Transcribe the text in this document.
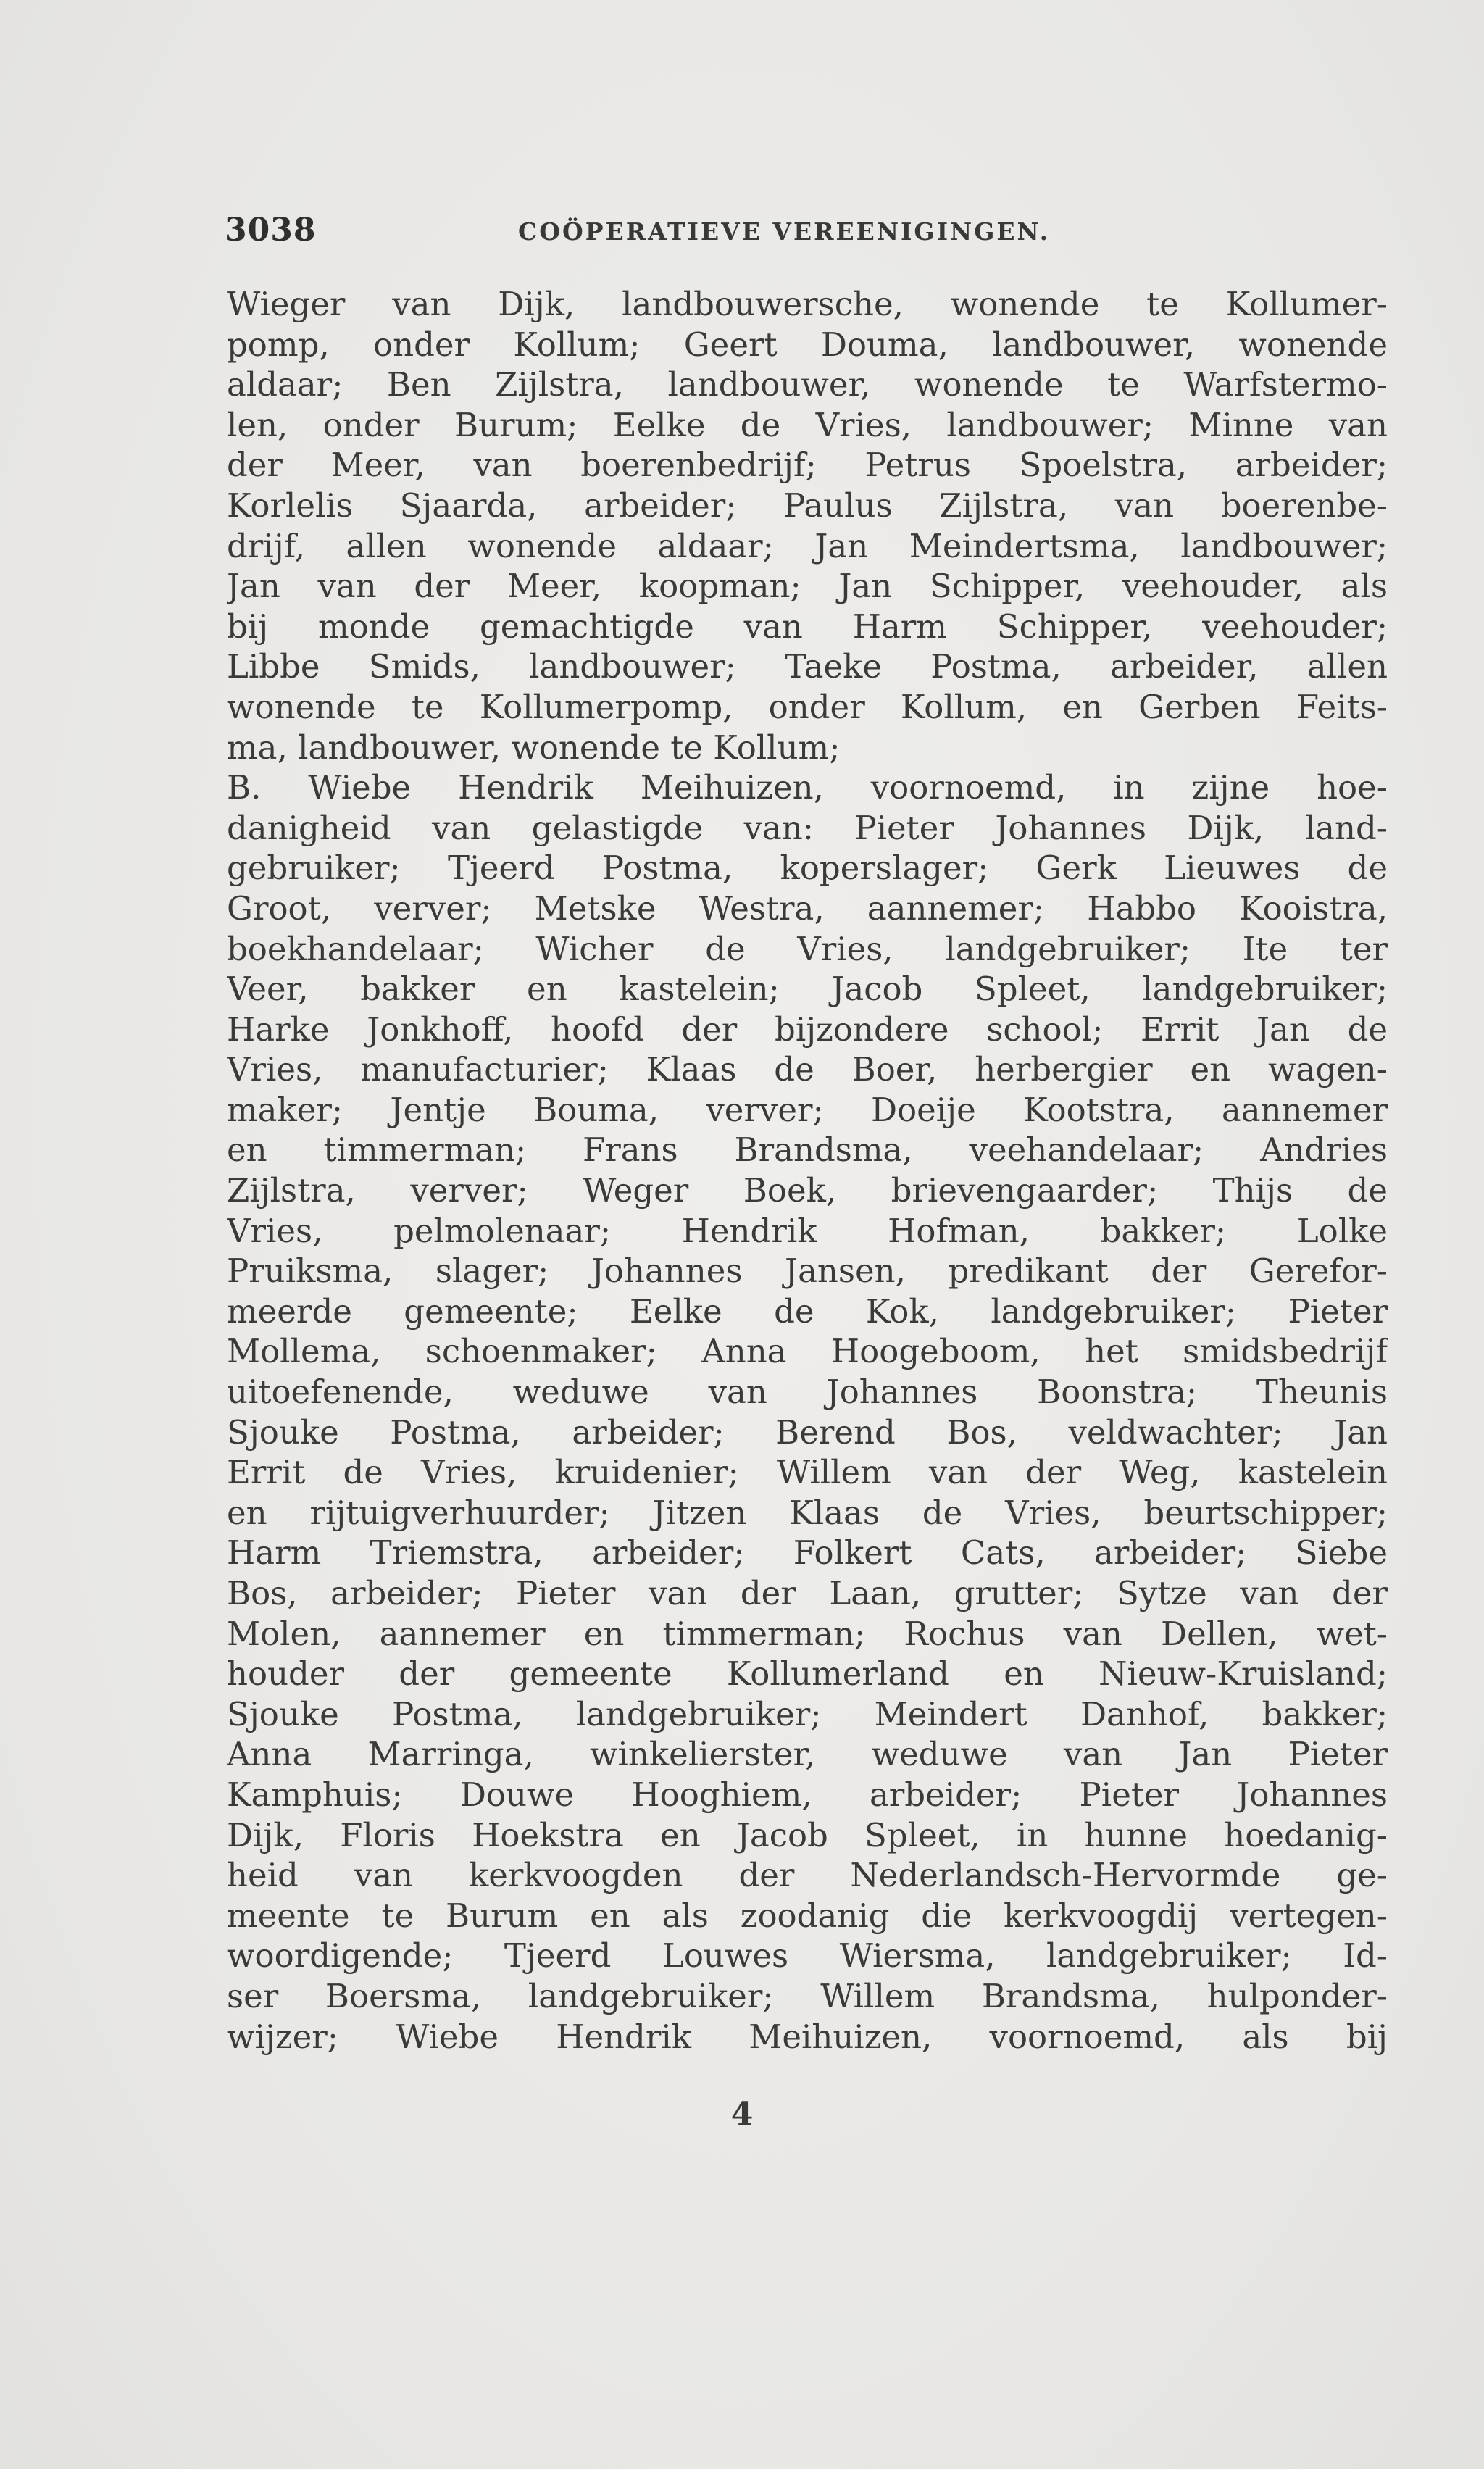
3038	COÖPERATIEVE VEREENIGINGEN.
Wieger van Dijk, landbouwersche, wonende te Kollumer-
pomp, onder Kollum; Geert Douma, landbouwer, wonende
aldaar; Ben Zijlstra, landbouwer, wonende te Warfstermo-
len, onder Burum; Eelke de Vries, landbouwer; Minne van
der Meer, van boerenbedrijf; Petrus Spoelstra, arbeider;
Korlelis Sjaarda, arbeider; Paulus Zijlstra, van boerenbe-
drijf, allen wonende aldaar; Jan Meindertsma, landbouwer;
Jan van der Meer, koopman; Jan Schipper, veehouder, als
bij monde gemachtigde van Harm Schipper, veehouder;
Libbe Smids, landbouwer; Taeke Postma, arbeider, allen
wonende te Kollumerpomp, onder Kollum, en Gerben Feits-
ma, landbouwer, wonende te Kollum;
B. Wiebe Hendrik Meihuizen, voornoemd, in zijne hoe-
danigheid van gelastigde van: Pieter Johannes Dijk, land-
gebruiker; Tjeerd Postma, koperslager; Gerk Lieuwes de
Groot, verver; Metske Westra, aannemer; Habbo Kooistra,
boekhandelaar; Wicher de Vries, landgebruiker; Ite ter
Veer, bakker en kastelein; Jacob Spleet, landgebruiker;
Harke Jonkhoff, hoofd der bijzondere school; Errit Jan de
Vries, manufacturier; Klaas de Boer, herbergier en wagen-
maker; Jentje Bouma, verver; Doeije Kootstra, aannemer
en timmerman; Frans Brandsma, veehandelaar; Andries
Zijlstra, verver; Weger Boek, brievengaarder; Thijs de
Vries, pelmolenaar; Hendrik Hofman, bakker; Lolke
Pruiksma, slager; Johannes Jansen, predikant der Gerefor-
meerde gemeente; Eelke de Kok, landgebruiker; Pieter
Mollema, schoenmaker; Anna Hoogeboom, het smidsbedrijf
uitoefenende, weduwe van Johannes Boonstra; Theunis
Sjouke Postma, arbeider; Berend Bos, veldwachter; Jan
Errit de Vries, kruidenier; Willem van der Weg, kastelein
en rijtuigverhuurder; Jitzen Klaas de Vries, beurtschipper;
Harm Triemstra, arbeider; Folkert Cats, arbeider; Siebe
Bos, arbeider; Pieter van der Laan, grutter; Sytze van der
Molen, aannemer en timmerman; Rochus van Dellen, wet-
houder der gemeente Kollumerland en Nieuw-Kruisland;
Sjouke Postma, landgebruiker; Meindert Danhof, bakker;
Anna Marringa, winkelierster, weduwe van Jan Pieter
Kamphuis; Douwe Hooghiem, arbeider; Pieter Johannes
Dijk, Floris Hoekstra en Jacob Spleet, in hunne hoedanig-
heid van kerkvoogden der Nederlandsch-Hervormde ge-
meente te Burum en als zoodanig die kerkvoogdij vertegen-
woordigende; Tjeerd Louwes Wiersma, landgebruiker; Id-
ser Boersma, landgebruiker; Willem Brandsma, hulponder-
wijzer; Wiebe Hendrik Meihuizen, voornoemd, als bij
4
